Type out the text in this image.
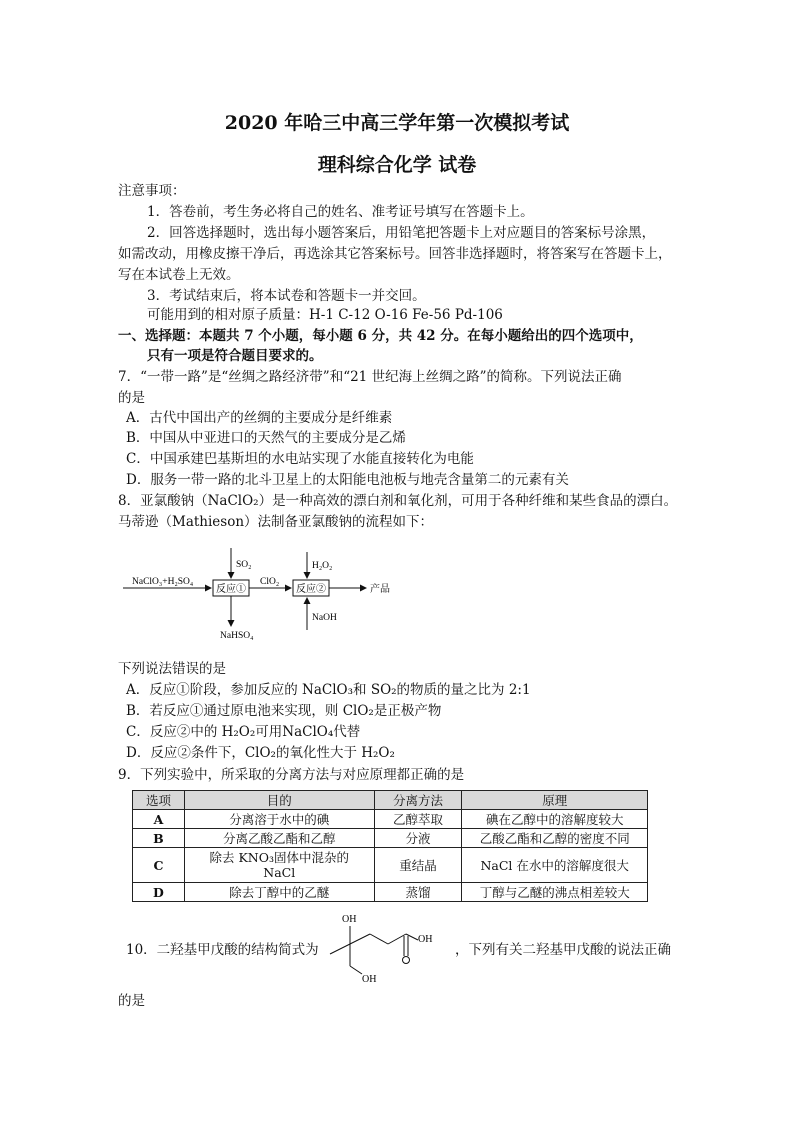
2020 年哈三中高三学年第一次模拟考试
理科综合化学 试卷
注意事项：
1．答卷前，考生务必将自己的姓名、准考证号填写在答题卡上。
2．回答选择题时，选出每小题答案后，用铅笔把答题卡上对应题目的答案标号涂黑，
如需改动，用橡皮擦干净后，再选涂其它答案标号。回答非选择题时，将答案写在答题卡上，
写在本试卷上无效。
3．考试结束后，将本试卷和答题卡一并交回。
可能用到的相对原子质量：H-1 C-12 O-16 Fe-56 Pd-106
一、选择题：本题共 7 个小题，每小题 6 分，共 42 分。在每小题给出的四个选项中，
只有一项是符合题目要求的。
7．“一带一路”是“丝绸之路经济带”和“21 世纪海上丝绸之路”的简称。下列说法正确
的是
A．古代中国出产的丝绸的主要成分是纤维素
B．中国从中亚进口的天然气的主要成分是乙烯
C．中国承建巴基斯坦的水电站实现了水能直接转化为电能
D．服务一带一路的北斗卫星上的太阳能电池板与地壳含量第二的元素有关
8．亚氯酸钠（NaClO₂）是一种高效的漂白剂和氧化剂，可用于各种纤维和某些食品的漂白。
马蒂逊（Mathieson）法制备亚氯酸钠的流程如下：
NaClO₃+H₂SO₄
反应①
SO₂
NaHSO₄
ClO₂
反应②
H₂O₂
NaOH
产品
下列说法错误的是
A．反应①阶段，参加反应的 NaClO₃和 SO₂的物质的量之比为 2:1
B．若反应①通过原电池来实现，则 ClO₂是正极产物
C．反应②中的 H₂O₂可用NaClO₄代替
D．反应②条件下，ClO₂的氧化性大于 H₂O₂
9．下列实验中，所采取的分离方法与对应原理都正确的是
选项	目的	分离方法	原理
A	分离溶于水中的碘	乙醇萃取	碘在乙醇中的溶解度较大
B	分离乙酸乙酯和乙醇	分液	乙酸乙酯和乙醇的密度不同
C	除去 KNO₃固体中混杂的 NaCl	重结晶	NaCl 在水中的溶解度很大
D	除去丁醇中的乙醚	蒸馏	丁醇与乙醚的沸点相差较大
10．二羟基甲戊酸的结构简式为
OH
OH
OH
，下列有关二羟基甲戊酸的说法正确
的是
